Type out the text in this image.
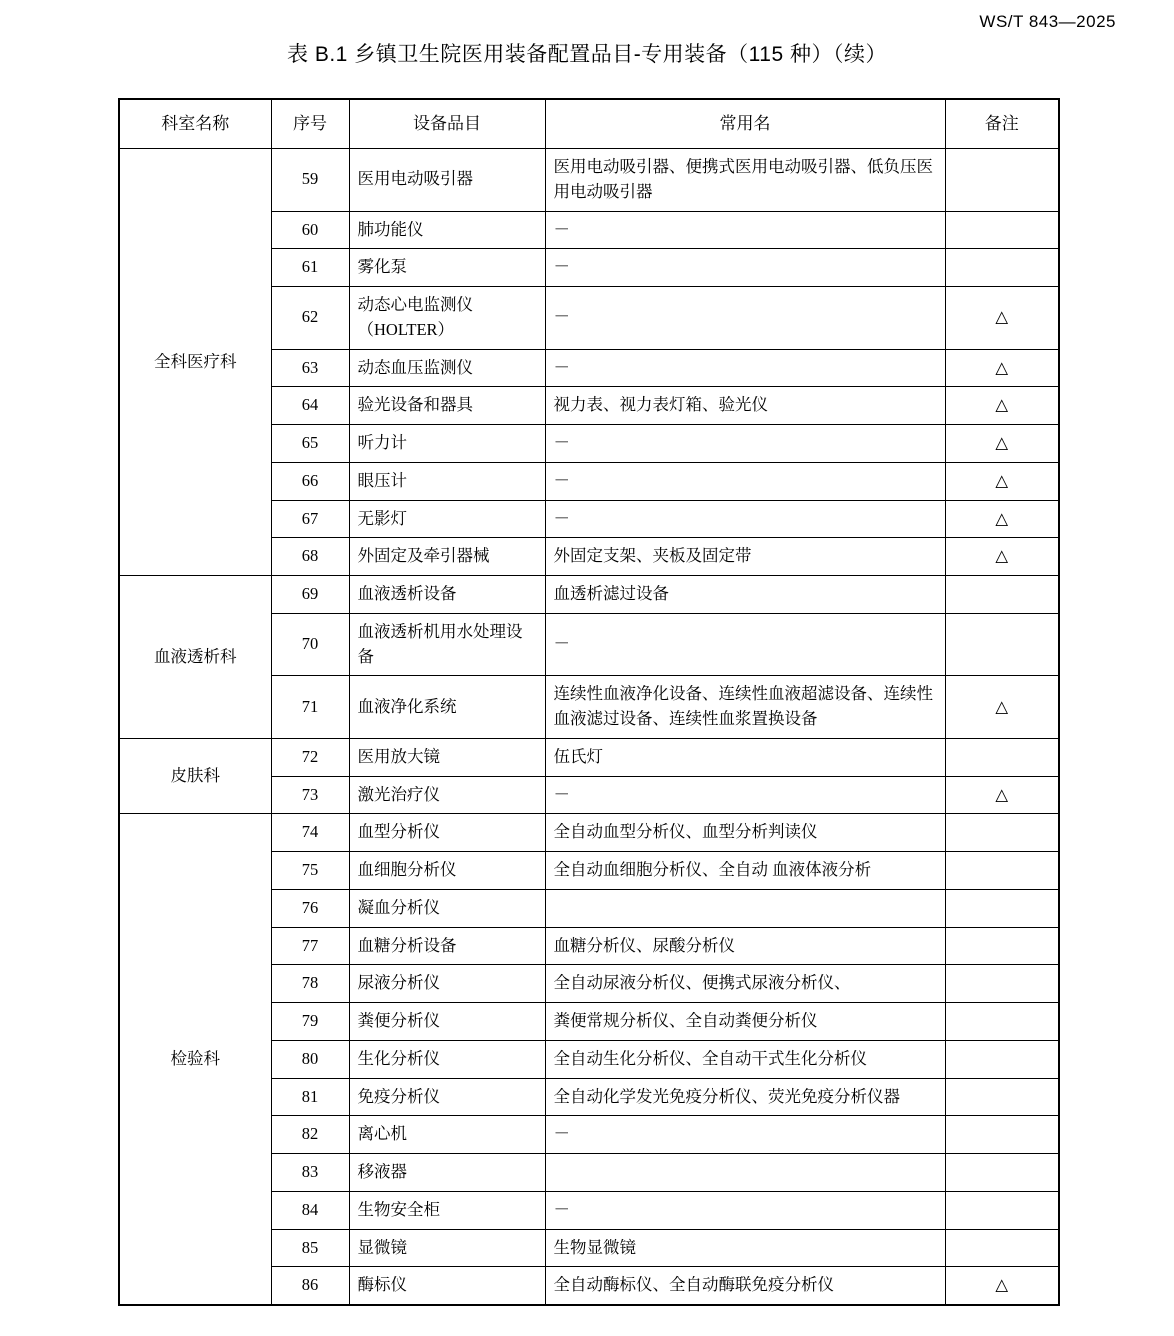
WS/T 843—2025
表 B.1 乡镇卫生院医用装备配置品目-专用装备（115 种）（续）
科室名称	序号	设备品目	常用名	备注
全科医疗科	59	医用电动吸引器	医用电动吸引器、便携式医用电动吸引器、低负压医用电动吸引器	
	60	肺功能仪	－	
	61	雾化泵	－	
	62	动态心电监测仪（HOLTER）	－	△
	63	动态血压监测仪	－	△
	64	验光设备和器具	视力表、视力表灯箱、验光仪	△
	65	听力计	－	△
	66	眼压计	－	△
	67	无影灯	－	△
	68	外固定及牵引器械	外固定支架、夹板及固定带	△
血液透析科	69	血液透析设备	血透析滤过设备	
	70	血液透析机用水处理设备	－	
	71	血液净化系统	连续性血液净化设备、连续性血液超滤设备、连续性血液滤过设备、连续性血浆置换设备	△
皮肤科	72	医用放大镜	伍氏灯	
	73	激光治疗仪	－	△
检验科	74	血型分析仪	全自动血型分析仪、血型分析判读仪	
	75	血细胞分析仪	全自动血细胞分析仪、全自动 血液体液分析	
	76	凝血分析仪		
	77	血糖分析设备	血糖分析仪、尿酸分析仪	
	78	尿液分析仪	全自动尿液分析仪、便携式尿液分析仪、	
	79	粪便分析仪	粪便常规分析仪、全自动粪便分析仪	
	80	生化分析仪	全自动生化分析仪、全自动干式生化分析仪	
	81	免疫分析仪	全自动化学发光免疫分析仪、荧光免疫分析仪器	
	82	离心机	－	
	83	移液器		
	84	生物安全柜	－	
	85	显微镜	生物显微镜	
	86	酶标仪	全自动酶标仪、全自动酶联免疫分析仪	△
